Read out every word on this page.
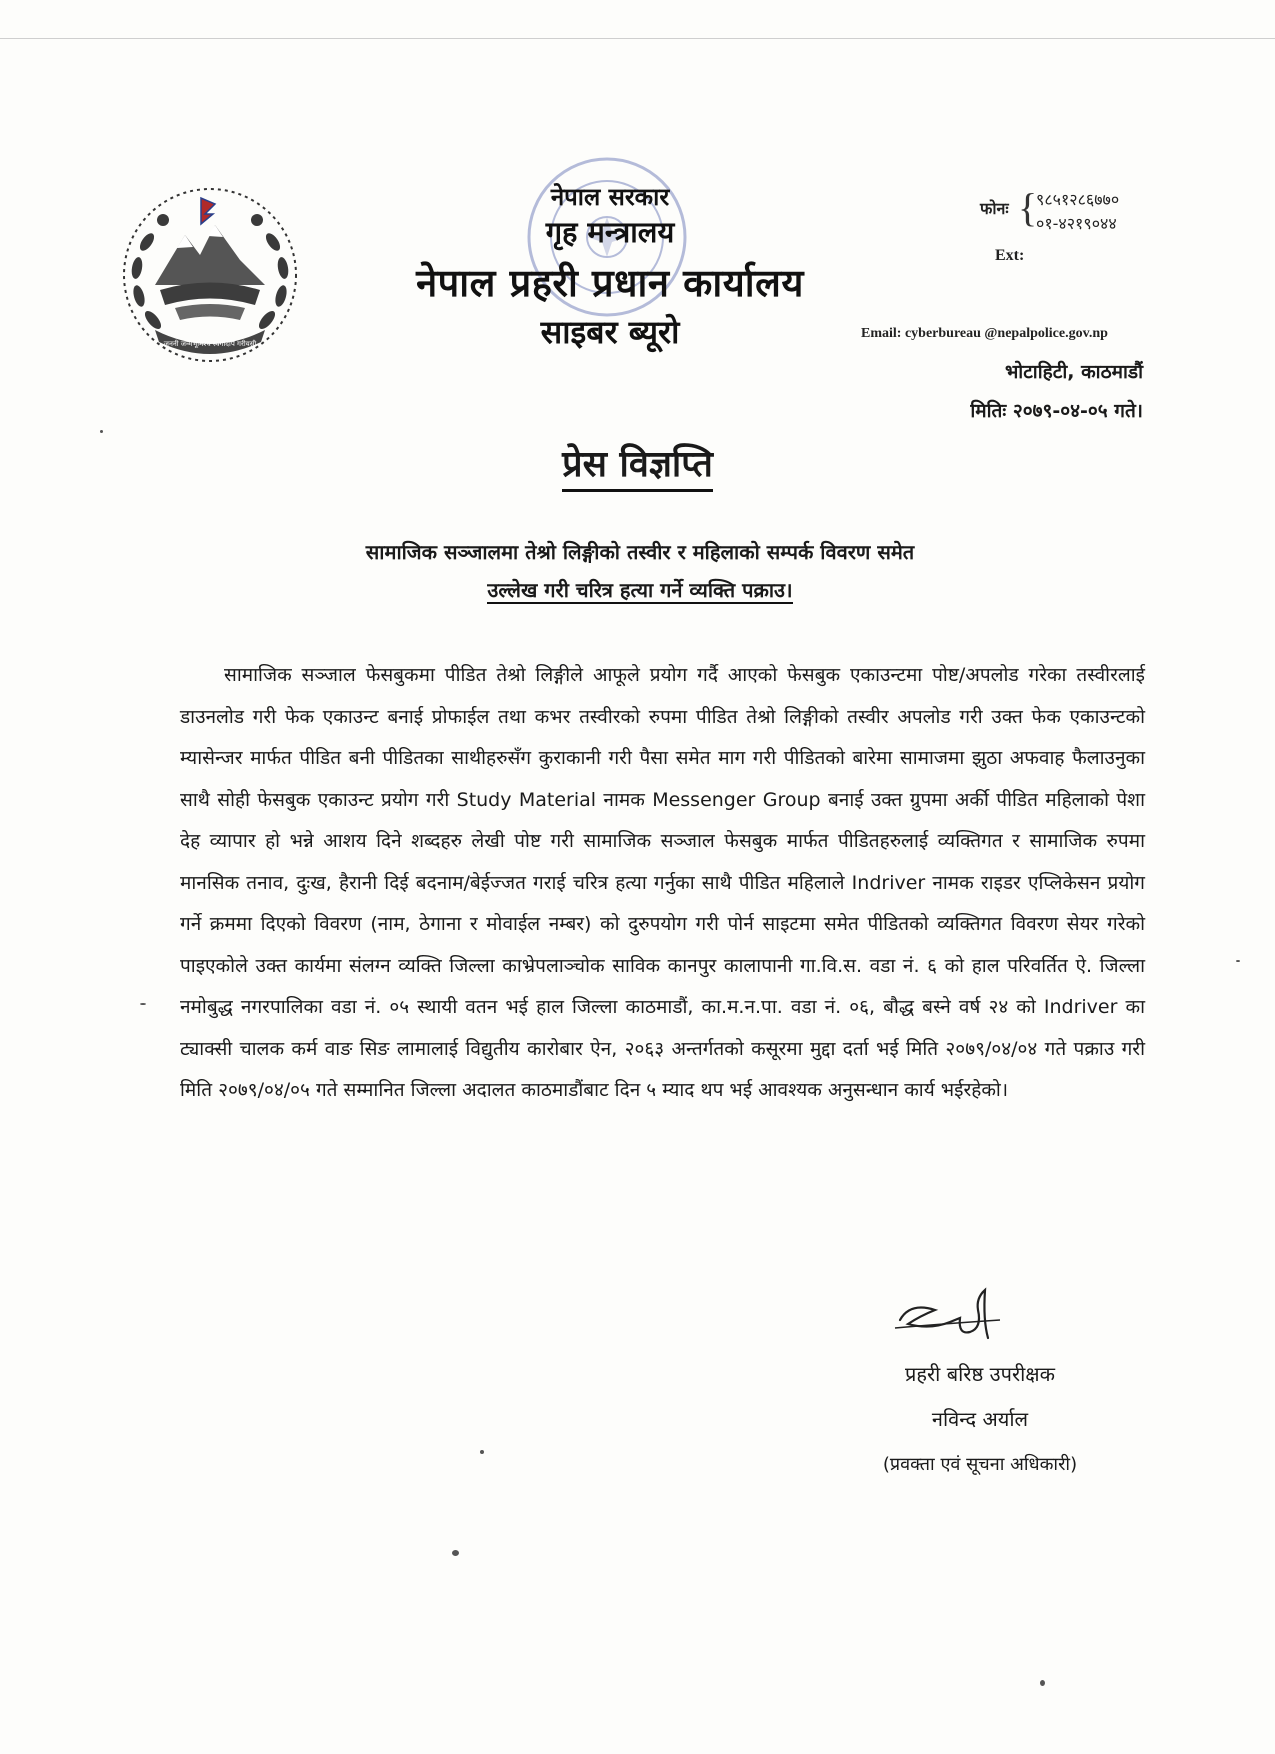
जननी जन्मभूमिश्च स्वर्गादपि गरीयसी
नेपाल सरकार
गृह मन्त्रालय
नेपाल प्रहरी प्रधान कार्यालय
साइबर ब्यूरो
फोनः {
९८५१२८६७७०
०१-४२१९०४४
Ext:
Email: cyberbureau @nepalpolice.gov.np
भोटाहिटी, काठमाडौं
मितिः २०७९-०४-०५ गते।
प्रेस विज्ञप्ति
सामाजिक सञ्जालमा तेश्रो लिङ्गीको तस्वीर र महिलाको सम्पर्क विवरण समेत
उल्लेख गरी चरित्र हत्या गर्ने व्यक्ति पक्राउ।
सामाजिक सञ्जाल फेसबुकमा पीडित तेश्रो लिङ्गीले आफूले प्रयोग गर्दै आएको फेसबुक एकाउन्टमा पोष्ट/अपलोड गरेका तस्वीरलाई डाउनलोड गरी फेक एकाउन्ट बनाई प्रोफाईल तथा कभर तस्वीरको रुपमा पीडित तेश्रो लिङ्गीको तस्वीर अपलोड गरी उक्त फेक एकाउन्टको म्यासेन्जर मार्फत पीडित बनी पीडितका साथीहरुसँग कुराकानी गरी पैसा समेत माग गरी पीडितको बारेमा सामाजमा झुठा अफवाह फैलाउनुका साथै सोही फेसबुक एकाउन्ट प्रयोग गरी Study Material नामक Messenger Group बनाई उक्त ग्रुपमा अर्की पीडित महिलाको पेशा देह व्यापार हो भन्ने आशय दिने शब्दहरु लेखी पोष्ट गरी सामाजिक सञ्जाल फेसबुक मार्फत पीडितहरुलाई व्यक्तिगत र सामाजिक रुपमा मानसिक तनाव, दुःख, हैरानी दिई बदनाम/बेईज्जत गराई चरित्र हत्या गर्नुका साथै पीडित महिलाले Indriver नामक राइडर एप्लिकेसन प्रयोग गर्ने क्रममा दिएको विवरण (नाम, ठेगाना र मोवाईल नम्बर) को दुरुपयोग गरी पोर्न साइटमा समेत पीडितको व्यक्तिगत विवरण सेयर गरेको पाइएकोले उक्त कार्यमा संलग्न व्यक्ति जिल्ला काभ्रेपलाञ्चोक साविक कानपुर कालापानी गा.वि.स. वडा नं. ६ को हाल परिवर्तित ऐ. जिल्ला नमोबुद्ध नगरपालिका वडा नं. ०५ स्थायी वतन भई हाल जिल्ला काठमाडौं, का.म.न.पा. वडा नं. ०६, बौद्ध बस्ने वर्ष २४ को Indriver का ट्याक्सी चालक कर्म वाङ सिङ लामालाई विद्युतीय कारोबार ऐन, २०६३ अन्तर्गतको कसूरमा मुद्दा दर्ता भई मिति २०७९/०४/०४ गते पक्राउ गरी मिति २०७९/०४/०५ गते सम्मानित जिल्ला अदालत काठमाडौंबाट दिन ५ म्याद थप भई आवश्यक अनुसन्धान कार्य भईरहेको।
प्रहरी बरिष्ठ उपरीक्षक
नविन्द अर्याल
(प्रवक्ता एवं सूचना अधिकारी)
